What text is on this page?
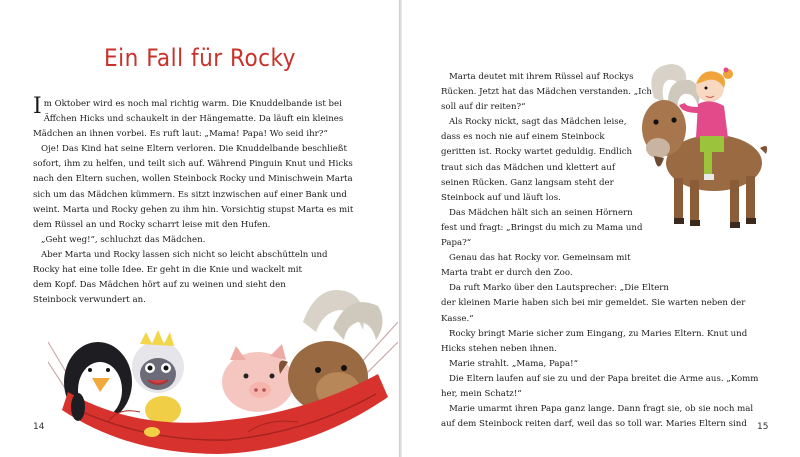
Ein Fall für Rocky

Im Oktober wird es noch mal richtig warm. Die Knuddelbande ist bei
Äffchen Hicks und schaukelt in der Hängematte. Da läuft ein kleines
Mädchen an ihnen vorbei. Es ruft laut: „Mama! Papa! Wo seid ihr?“

Oje! Das Kind hat seine Eltern verloren. Die Knuddelbande beschließt
sofort, ihm zu helfen, und teilt sich auf. Während Pinguin Knut und Hicks
nach den Eltern suchen, wollen Steinbock Rocky und Minischwein Marta
sich um das Mädchen kümmern. Es sitzt inzwischen auf einer Bank und
weint. Marta und Rocky gehen zu ihm hin. Vorsichtig stupst Marta es mit
dem Rüssel an und Rocky scharrt leise mit den Hufen.

„Geht weg!“, schluchzt das Mädchen.

Aber Marta und Rocky lassen sich nicht so leicht abschütteln und
Rocky hat eine tolle Idee. Er geht in die Knie und wackelt mit
dem Kopf. Das Mädchen hört auf zu weinen und sieht den
Steinbock verwundert an.

14

Marta deutet mit ihrem Rüssel auf Rockys
Rücken. Jetzt hat das Mädchen verstanden. „Ich
soll auf dir reiten?“

Als Rocky nickt, sagt das Mädchen leise,
dass es noch nie auf einem Steinbock
geritten ist. Rocky wartet geduldig. Endlich
traut sich das Mädchen und klettert auf
seinen Rücken. Ganz langsam steht der
Steinbock auf und läuft los.

Das Mädchen hält sich an seinen Hörnern
fest und fragt: „Bringst du mich zu Mama und
Papa?“

Genau das hat Rocky vor. Gemeinsam mit
Marta trabt er durch den Zoo.

Da ruft Marko über den Lautsprecher: „Die Eltern
der kleinen Marie haben sich bei mir gemeldet. Sie warten neben der
Kasse.“

Rocky bringt Marie sicher zum Eingang, zu Maries Eltern. Knut und
Hicks stehen neben ihnen.

Marie strahlt. „Mama, Papa!“

Die Eltern laufen auf sie zu und der Papa breitet die Arme aus. „Komm
her, mein Schatz!“

Marie umarmt ihren Papa ganz lange. Dann fragt sie, ob sie noch mal
auf dem Steinbock reiten darf, weil das so toll war. Maries Eltern sind	15
